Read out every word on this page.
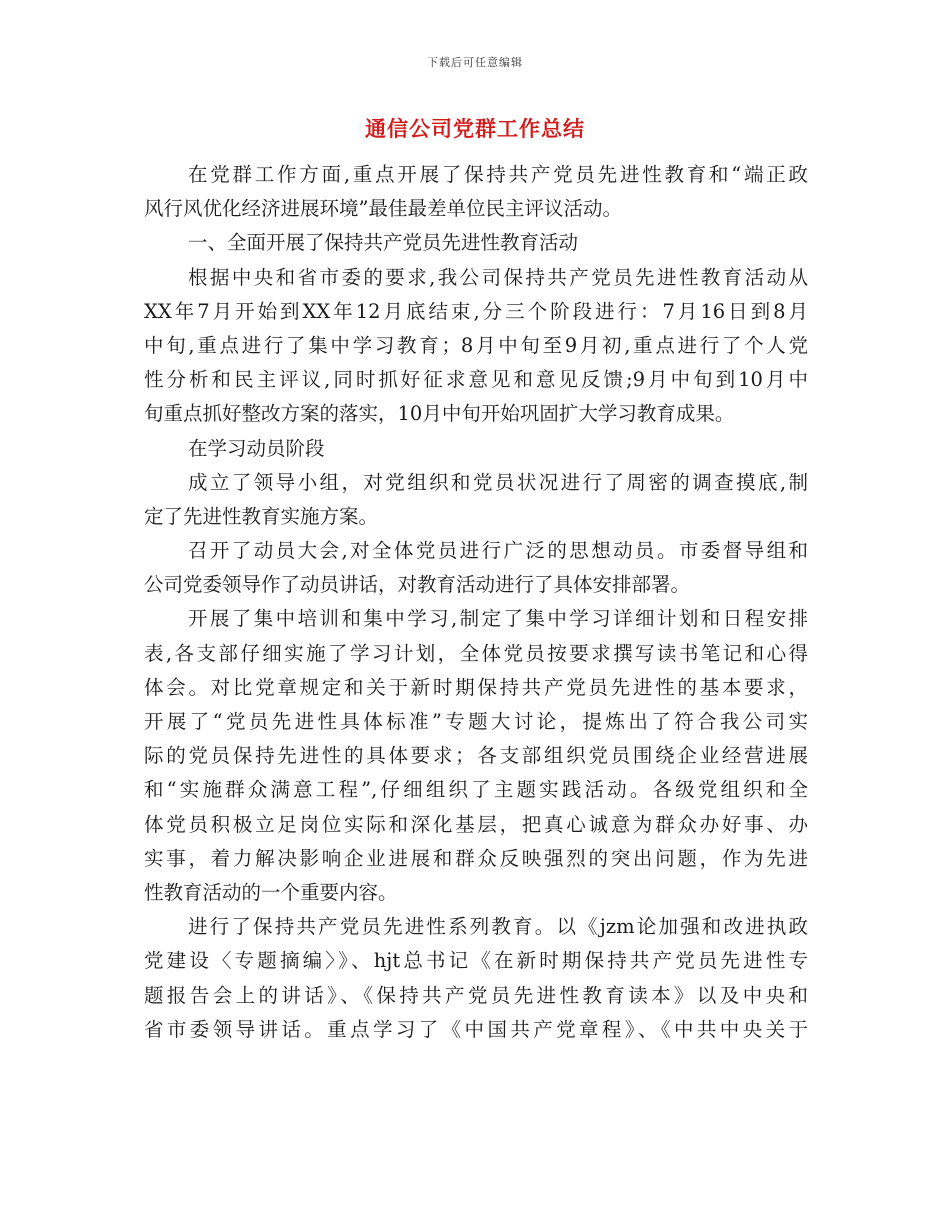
下载后可任意编辑
通信公司党群工作总结
在党群工作方面,重点开展了保持共产党员先进性教育和“端正政
风行风优化经济进展环境”最佳最差单位民主评议活动。
一、全面开展了保持共产党员先进性教育活动
根据中央和省市委的要求,我公司保持共产党员先进性教育活动从
XX年7月开始到XX年12月底结束,分三个阶段进行：7月16日到8月
中旬,重点进行了集中学习教育；8月中旬至9月初,重点进行了个人党
性分析和民主评议,同时抓好征求意见和意见反馈;9月中旬到10月中
旬重点抓好整改方案的落实，10月中旬开始巩固扩大学习教育成果。
在学习动员阶段
成立了领导小组，对党组织和党员状况进行了周密的调查摸底,制
定了先进性教育实施方案。
召开了动员大会,对全体党员进行广泛的思想动员。市委督导组和
公司党委领导作了动员讲话，对教育活动进行了具体安排部署。
开展了集中培训和集中学习,制定了集中学习详细计划和日程安排
表,各支部仔细实施了学习计划，全体党员按要求撰写读书笔记和心得
体会。对比党章规定和关于新时期保持共产党员先进性的基本要求，
开展了“党员先进性具体标准”专题大讨论，提炼出了符合我公司实
际的党员保持先进性的具体要求；各支部组织党员围绕企业经营进展
和“实施群众满意工程”,仔细组织了主题实践活动。各级党组织和全
体党员积极立足岗位实际和深化基层，把真心诚意为群众办好事、办
实事，着力解决影响企业进展和群众反映强烈的突出问题，作为先进
性教育活动的一个重要内容。
进行了保持共产党员先进性系列教育。以《jzm论加强和改进执政
党建设〈专题摘编〉》、hjt总书记《在新时期保持共产党员先进性专
题报告会上的讲话》、《保持共产党员先进性教育读本》以及中央和
省市委领导讲话。重点学习了《中国共产党章程》、《中共中央关于
